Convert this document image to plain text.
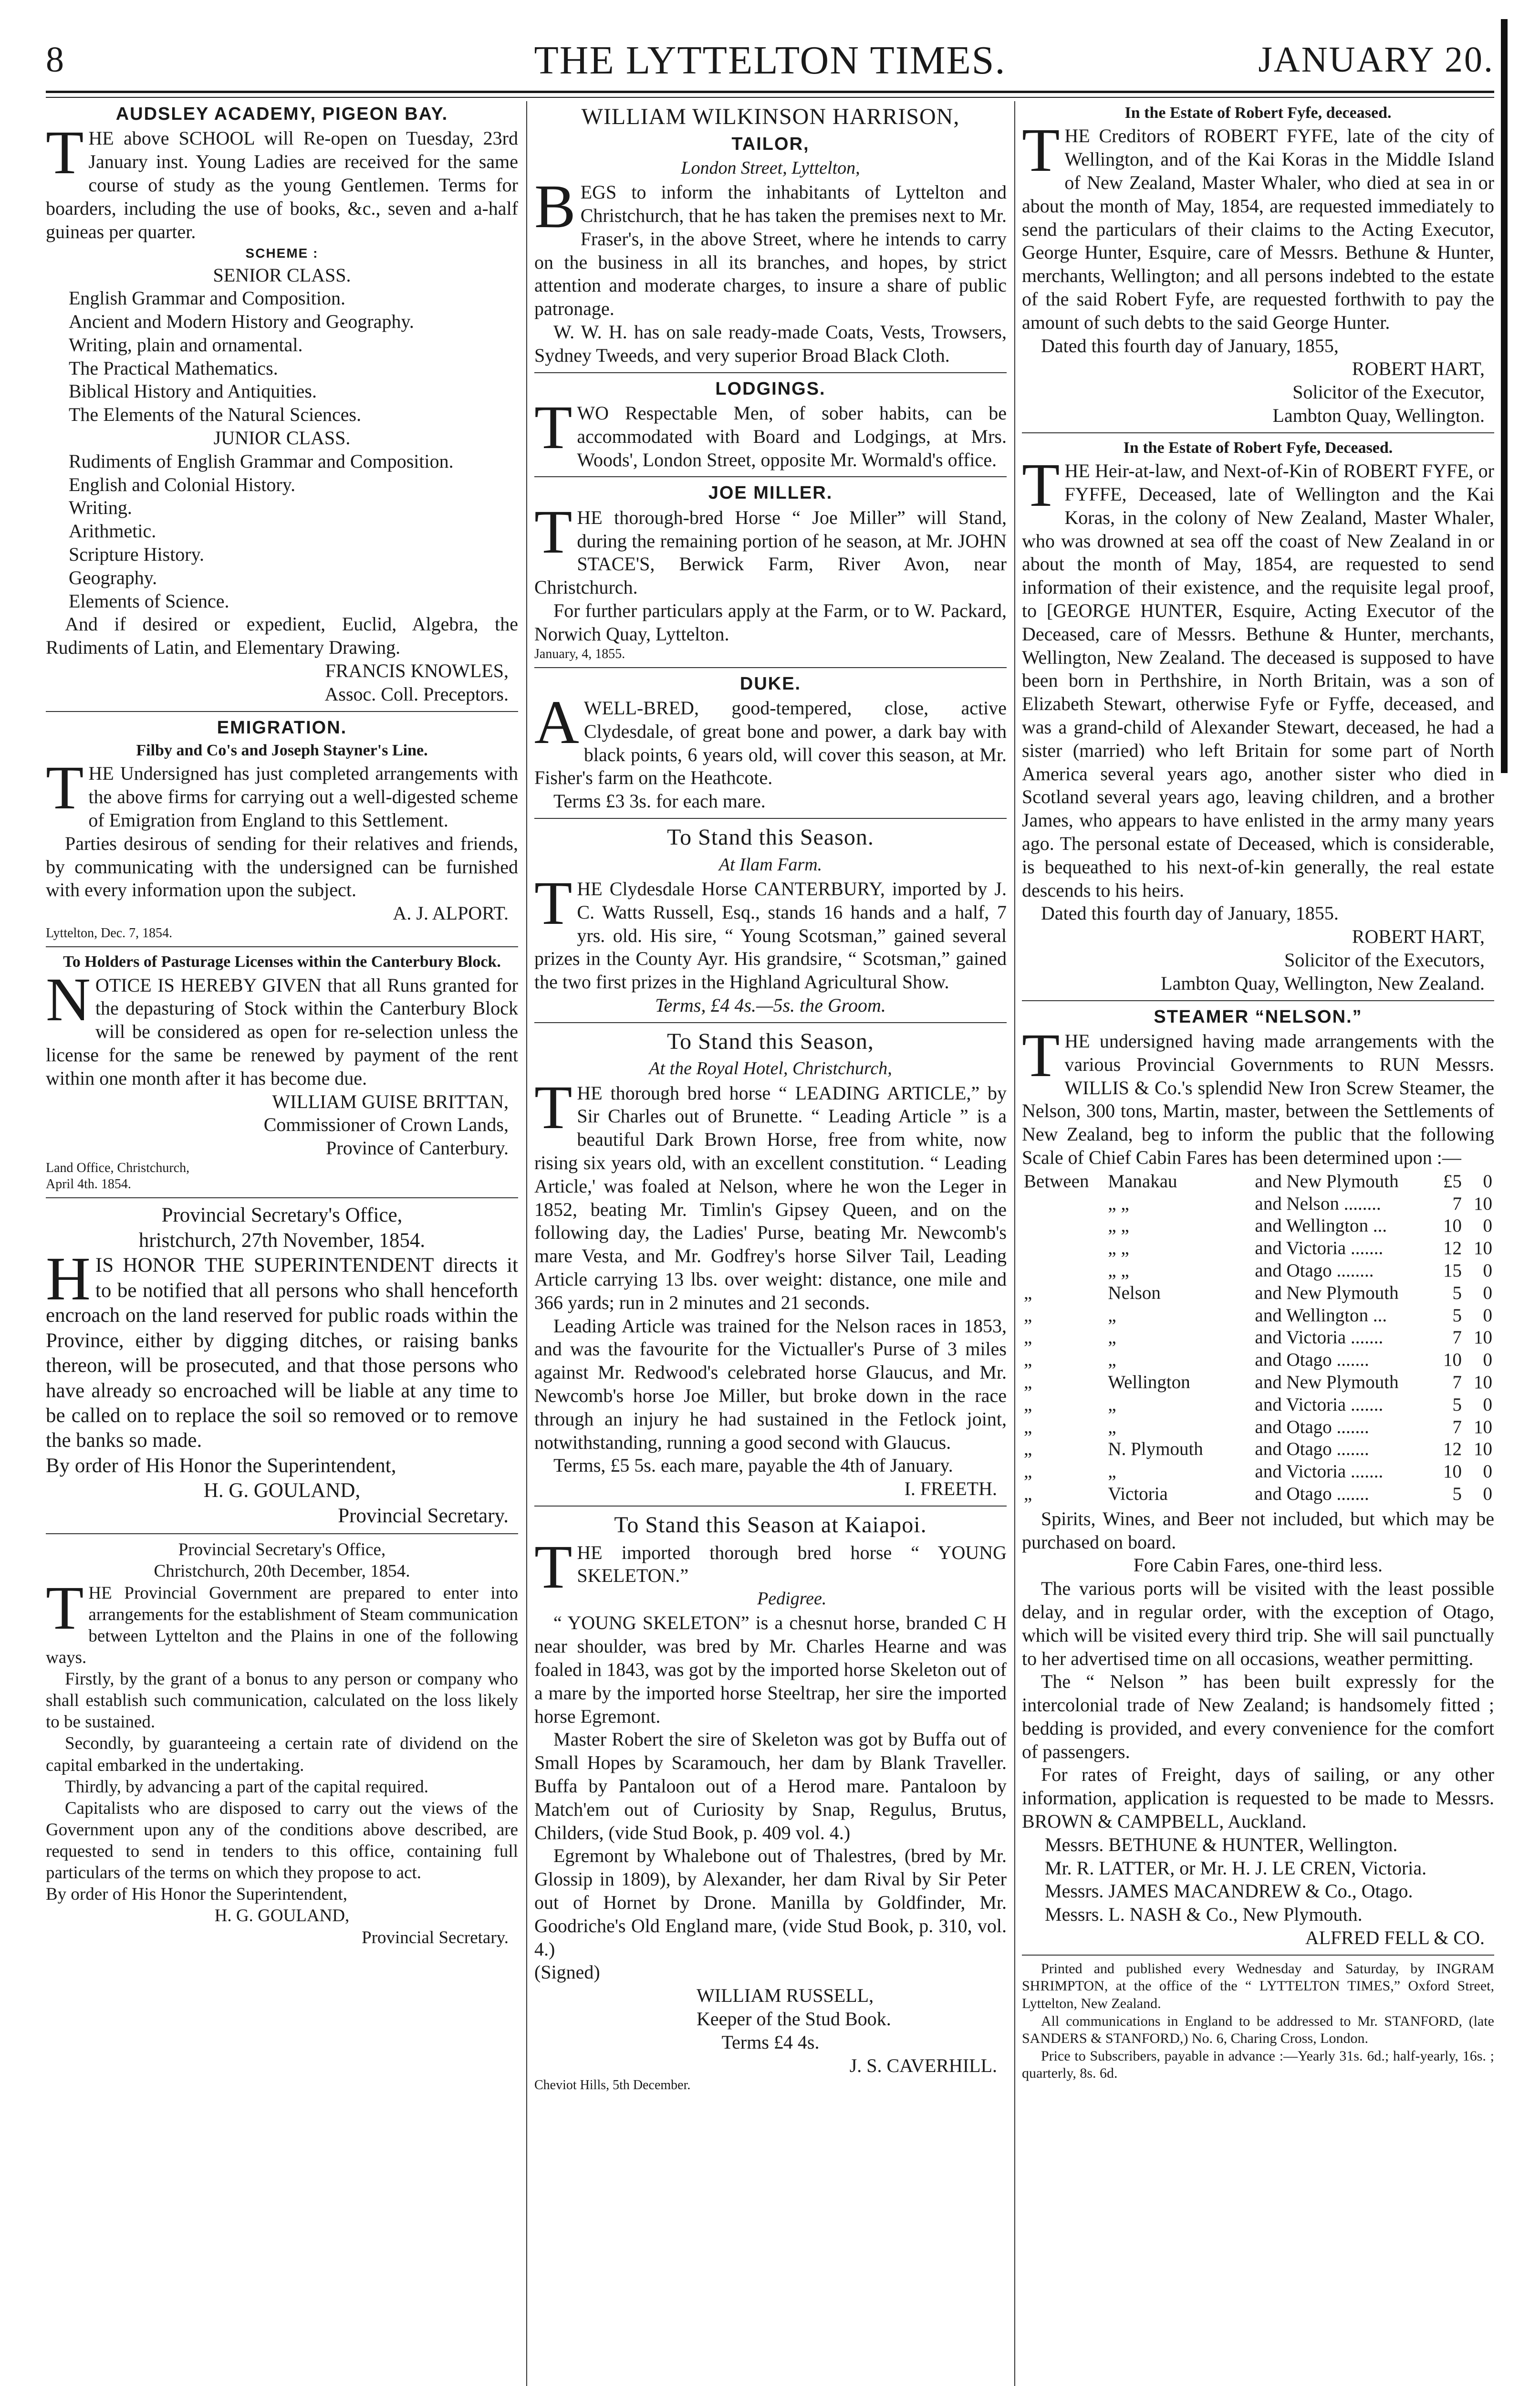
8	THE LYTTELTON TIMES.	JANUARY 20.
AUDSLEY ACADEMY, PIGEON BAY.

THE above SCHOOL will Re-open on Tuesday, 23rd January inst. Young Ladies are received for the same course of study as the young Gentlemen. Terms for boarders, including the use of books, &c., seven and a-half guineas per quarter.

SCHEME :
SENIOR CLASS.
English Grammar and Composition.
Ancient and Modern History and Geography.
Writing, plain and ornamental.
The Practical Mathematics.
Biblical History and Antiquities.
The Elements of the Natural Sciences.
JUNIOR CLASS.
Rudiments of English Grammar and Composition.
English and Colonial History.
Writing.
Arithmetic.
Scripture History.
Geography.
Elements of Science.

And if desired or expedient, Euclid, Algebra, the Rudiments of Latin, and Elementary Drawing.

FRANCIS KNOWLES,
Assoc. Coll. Preceptors.
EMIGRATION.
Filby and Co's and Joseph Stayner's Line.

THE Undersigned has just completed arrangements with the above firms for carrying out a well-digested scheme of Emigration from England to this Settlement.

Parties desirous of sending for their relatives and friends, by communicating with the undersigned can be furnished with every information upon the subject.

A. J. ALPORT.
Lyttelton, Dec. 7, 1854.
To Holders of Pasturage Licenses within the Canterbury Block.

NOTICE IS HEREBY GIVEN that all Runs granted for the depasturing of Stock within the Canterbury Block will be considered as open for re-selection unless the license for the same be renewed by payment of the rent within one month after it has become due.

WILLIAM GUISE BRITTAN,
Commissioner of Crown Lands,
Province of Canterbury.
Land Office, Christchurch,
April 4th. 1854.
Provincial Secretary's Office,
hristchurch, 27th November, 1854.

HIS HONOR THE SUPERINTENDENT directs it to be notified that all persons who shall henceforth encroach on the land reserved for public roads within the Province, either by digging ditches, or raising banks thereon, will be prosecuted, and that those persons who have already so encroached will be liable at any time to be called on to replace the soil so removed or to remove the banks so made.

By order of His Honor the Superintendent,
H. G. GOULAND,
Provincial Secretary.
Provincial Secretary's Office,
Christchurch, 20th December, 1854.

THE Provincial Government are prepared to enter into arrangements for the establishment of Steam communication between Lyttelton and the Plains in one of the following ways.

Firstly, by the grant of a bonus to any person or company who shall establish such communication, calculated on the loss likely to be sustained.

Secondly, by guaranteeing a certain rate of dividend on the capital embarked in the undertaking.

Thirdly, by advancing a part of the capital required.

Capitalists who are disposed to carry out the views of the Government upon any of the conditions above described, are requested to send in tenders to this office, containing full particulars of the terms on which they propose to act.

By order of His Honor the Superintendent,
H. G. GOULAND,
Provincial Secretary.
WILLIAM WILKINSON HARRISON,
TAILOR,
London Street, Lyttelton,

BEGS to inform the inhabitants of Lyttelton and Christchurch, that he has taken the premises next to Mr. Fraser's, in the above Street, where he intends to carry on the business in all its branches, and hopes, by strict attention and moderate charges, to insure a share of public patronage.

W. W. H. has on sale ready-made Coats, Vests, Trowsers, Sydney Tweeds, and very superior Broad Black Cloth.

LODGINGS.

TWO Respectable Men, of sober habits, can be accommodated with Board and Lodgings, at Mrs. Woods', London Street, opposite Mr. Wormald's office.

JOE MILLER.

THE thorough-bred Horse “ Joe Miller” will Stand, during the remaining portion of he season, at Mr. JOHN STACE'S, Berwick Farm, River Avon, near Christchurch.

For further particulars apply at the Farm, or to W. Packard, Norwich Quay, Lyttelton.

January, 4, 1855.
DUKE.

AWELL-BRED, good-tempered, close, active Clydesdale, of great bone and power, a dark bay with black points, 6 years old, will cover this season, at Mr. Fisher's farm on the Heathcote.

Terms £3 3s. for each mare.

To Stand this Season.
At Ilam Farm.

THE Clydesdale Horse CANTERBURY, imported by J. C. Watts Russell, Esq., stands 16 hands and a half, 7 yrs. old. His sire, “ Young Scotsman,” gained several prizes in the County Ayr. His grandsire, “ Scotsman,” gained the two first prizes in the Highland Agricultural Show.

Terms, £4 4s.—5s. the Groom.
To Stand this Season,
At the Royal Hotel, Christchurch,

THE thorough bred horse “ LEADING ARTICLE,” by Sir Charles out of Brunette. “ Leading Article ” is a beautiful Dark Brown Horse, free from white, now rising six years old, with an excellent constitution. “ Leading Article,' was foaled at Nelson, where he won the Leger in 1852, beating Mr. Timlin's Gipsey Queen, and on the following day, the Ladies' Purse, beating Mr. Newcomb's mare Vesta, and Mr. Godfrey's horse Silver Tail, Leading Article carrying 13 lbs. over weight: distance, one mile and 366 yards; run in 2 minutes and 21 seconds.

Leading Article was trained for the Nelson races in 1853, and was the favourite for the Victualler's Purse of 3 miles against Mr. Redwood's celebrated horse Glaucus, and Mr. Newcomb's horse Joe Miller, but broke down in the race through an injury he had sustained in the Fetlock joint, notwithstanding, running a good second with Glaucus.

Terms, £5 5s. each mare, payable the 4th of January.

I. FREETH.
To Stand this Season at Kaiapoi.

THE imported thorough bred horse “ YOUNG SKELETON.”

Pedigree.

“ YOUNG SKELETON” is a chesnut horse, branded C H near shoulder, was bred by Mr. Charles Hearne and was foaled in 1843, was got by the imported horse Skeleton out of a mare by the imported horse Steeltrap, her sire the imported horse Egremont.

Master Robert the sire of Skeleton was got by Buffa out of Small Hopes by Scaramouch, her dam by Blank Traveller. Buffa by Pantaloon out of a Herod mare. Pantaloon by Match'em out of Curiosity by Snap, Regulus, Brutus, Childers, (vide Stud Book, p. 409 vol. 4.)

Egremont by Whalebone out of Thalestres, (bred by Mr. Glossip in 1809), by Alexander, her dam Rival by Sir Peter out of Hornet by Drone. Manilla by Goldfinder, Mr. Goodriche's Old England mare, (vide Stud Book, p. 310, vol. 4.)

(Signed)
WILLIAM RUSSELL,
Keeper of the Stud Book.
Terms £4 4s.
J. S. CAVERHILL.
Cheviot Hills, 5th December.
In the Estate of Robert Fyfe, deceased.

THE Creditors of ROBERT FYFE, late of the city of Wellington, and of the Kai Koras in the Middle Island of New Zealand, Master Whaler, who died at sea in or about the month of May, 1854, are requested immediately to send the particulars of their claims to the Acting Executor, George Hunter, Esquire, care of Messrs. Bethune & Hunter, merchants, Wellington; and all persons indebted to the estate of the said Robert Fyfe, are requested forthwith to pay the amount of such debts to the said George Hunter.

Dated this fourth day of January, 1855,

ROBERT HART,
Solicitor of the Executor,
Lambton Quay, Wellington.
In the Estate of Robert Fyfe, Deceased.

THE Heir-at-law, and Next-of-Kin of ROBERT FYFE, or FYFFE, Deceased, late of Wellington and the Kai Koras, in the colony of New Zealand, Master Whaler, who was drowned at sea off the coast of New Zealand in or about the month of May, 1854, are requested to send information of their existence, and the requisite legal proof, to [GEORGE HUNTER, Esquire, Acting Executor of the Deceased, care of Messrs. Bethune & Hunter, merchants, Wellington, New Zealand. The deceased is supposed to have been born in Perthshire, in North Britain, was a son of Elizabeth Stewart, otherwise Fyfe or Fyffe, deceased, and was a grand-child of Alexander Stewart, deceased, he had a sister (married) who left Britain for some part of North America several years ago, another sister who died in Scotland several years ago, leaving children, and a brother James, who appears to have enlisted in the army many years ago. The personal estate of Deceased, which is considerable, is bequeathed to his next-of-kin generally, the real estate descends to his heirs.

Dated this fourth day of January, 1855.

ROBERT HART,
Solicitor of the Executors,
Lambton Quay, Wellington, New Zealand.
STEAMER “NELSON.”

THE undersigned having made arrangements with the various Provincial Governments to RUN Messrs. WILLIS & Co.'s splendid New Iron Screw Steamer, the Nelson, 300 tons, Martin, master, between the Settlements of New Zealand, beg to inform the public that the following Scale of Chief Cabin Fares has been determined upon :—

Between	Manakau	and New Plymouth	£5	0
	„ „	and Nelson ........	7	10
	„ „	and Wellington ...	10	0
	„ „	and Victoria .......	12	10
	„ „	and Otago ........	15	0
„	Nelson	and New Plymouth	5	0
„	„	and Wellington ...	5	0
„	„	and Victoria .......	7	10
„	„	and Otago .......	10	0
„	Wellington	and New Plymouth	7	10
„	„	and Victoria .......	5	0
„	„	and Otago .......	7	10
„	N. Plymouth	and Otago .......	12	10
„	„	and Victoria .......	10	0
„	Victoria	and Otago .......	5	0

Spirits, Wines, and Beer not included, but which may be purchased on board.

Fore Cabin Fares, one-third less.

The various ports will be visited with the least possible delay, and in regular order, with the exception of Otago, which will be visited every third trip. She will sail punctually to her advertised time on all occasions, weather permitting.

The “ Nelson ” has been built expressly for the intercolonial trade of New Zealand; is handsomely fitted ; bedding is provided, and every convenience for the comfort of passengers.

For rates of Freight, days of sailing, or any other information, application is requested to be made to Messrs. BROWN & CAMPBELL, Auckland.

Messrs. BETHUNE & HUNTER, Wellington.
Mr. R. LATTER, or Mr. H. J. LE CREN, Victoria.
Messrs. JAMES MACANDREW & Co., Otago.
Messrs. L. NASH & Co., New Plymouth.
ALFRED FELL & CO.

Printed and published every Wednesday and Saturday, by INGRAM SHRIMPTON, at the office of the “ LYTTELTON TIMES,” Oxford Street, Lyttelton, New Zealand.

All communications in England to be addressed to Mr. STANFORD, (late SANDERS & STANFORD,) No. 6, Charing Cross, London.

Price to Subscribers, payable in advance :—Yearly 31s. 6d.; half-yearly, 16s. ; quarterly, 8s. 6d.
